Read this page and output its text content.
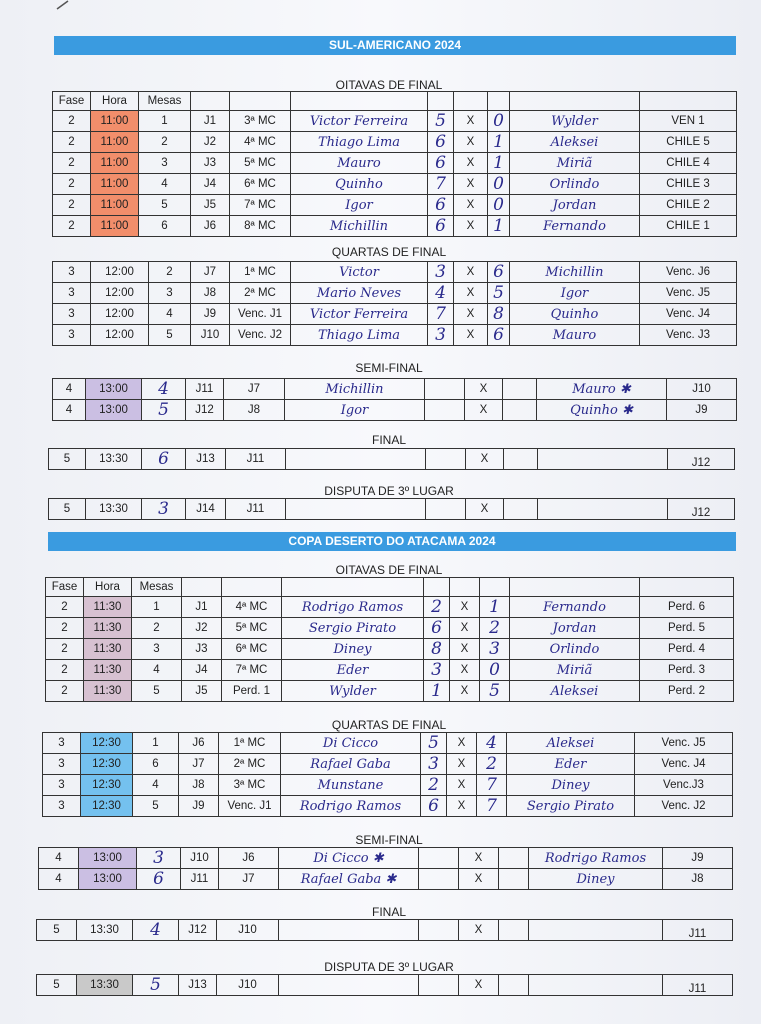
SUL-AMERICANO 2024
OITAVAS DE FINAL
Fase	Hora	Mesas								
2	11:00	1	J1	3ª MC	Victor Ferreira	5	X	0	Wylder	VEN 1
2	11:00	2	J2	4ª MC	Thiago Lima	6	X	1	Aleksei	CHILE 5
2	11:00	3	J3	5ª MC	Mauro	6	X	1	Miriã	CHILE 4
2	11:00	4	J4	6ª MC	Quinho	7	X	0	Orlindo	CHILE 3
2	11:00	5	J5	7ª MC	Igor	6	X	0	Jordan	CHILE 2
2	11:00	6	J6	8ª MC	Michillin	6	X	1	Fernando	CHILE 1
QUARTAS DE FINAL
3	12:00	2	J7	1ª MC	Victor	3	X	6	Michillin	Venc. J6
3	12:00	3	J8	2ª MC	Mario Neves	4	X	5	Igor	Venc. J5
3	12:00	4	J9	Venc. J1	Victor Ferreira	7	X	8	Quinho	Venc. J4
3	12:00	5	J10	Venc. J2	Thiago Lima	3	X	6	Mauro	Venc. J3
SEMI-FINAL
4	13:00	4	J11	J7	Michillin		X		Mauro ✱	J10
4	13:00	5	J12	J8	Igor		X		Quinho ✱	J9
FINAL
5	13:30	6	J13	J11			X			J12
DISPUTA DE 3º LUGAR
5	13:30	3	J14	J11			X			J12
COPA DESERTO DO ATACAMA 2024
OITAVAS DE FINAL
Fase	Hora	Mesas								
2	11:30	1	J1	4ª MC	Rodrigo Ramos	2	X	1	Fernando	Perd. 6
2	11:30	2	J2	5ª MC	Sergio Pirato	6	X	2	Jordan	Perd. 5
2	11:30	3	J3	6ª MC	Diney	8	X	3	Orlindo	Perd. 4
2	11:30	4	J4	7ª MC	Eder	3	X	0	Miriã	Perd. 3
2	11:30	5	J5	Perd. 1	Wylder	1	X	5	Aleksei	Perd. 2
QUARTAS DE FINAL
3	12:30	1	J6	1ª MC	Di Cicco	5	X	4	Aleksei	Venc. J5
3	12:30	6	J7	2ª MC	Rafael Gaba	3	X	2	Eder	Venc. J4
3	12:30	4	J8	3ª MC	Munstane	2	X	7	Diney	Venc.J3
3	12:30	5	J9	Venc. J1	Rodrigo Ramos	6	X	7	Sergio Pirato	Venc. J2
SEMI-FINAL
4	13:00	3	J10	J6	Di Cicco ✱		X		Rodrigo Ramos	J9
4	13:00	6	J11	J7	Rafael Gaba ✱		X		Diney	J8
FINAL
5	13:30	4	J12	J10			X			J11
DISPUTA DE 3º LUGAR
5	13:30	5	J13	J10			X			J11
